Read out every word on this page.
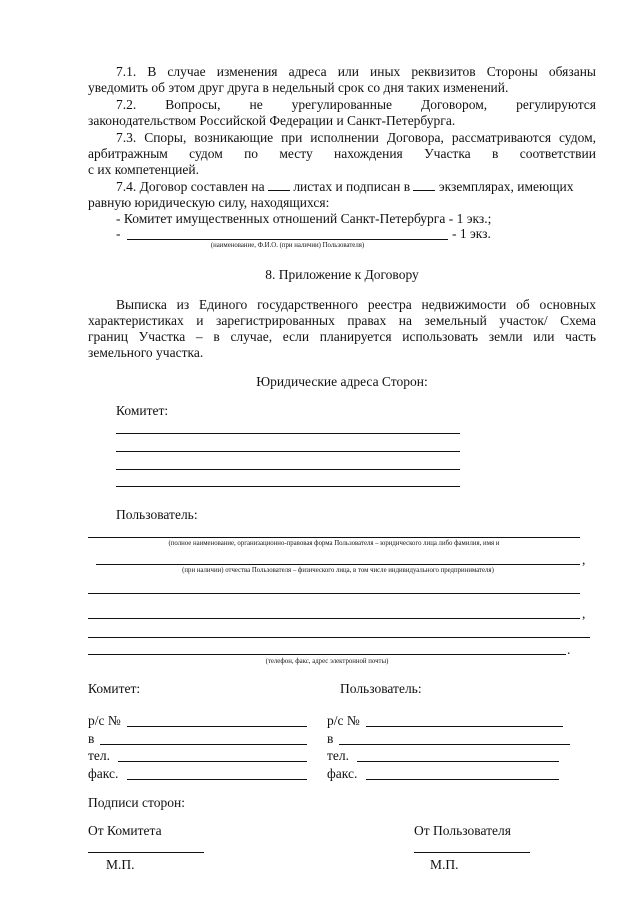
7.1. В случае изменения адреса или иных реквизитов Стороны обязаны

уведомить об этом друг друга в недельный срок со дня таких изменений.

7.2. Вопросы, не урегулированные Договором, регулируются

законодательством Российской Федерации и Санкт-Петербурга.

7.3. Споры, возникающие при исполнении Договора, рассматриваются судом,

арбитражным судом по месту нахождения Участка в соответствии

с их компетенцией.

7.4. Договор составлен на листах и подписан в экземплярах, имеющих

равную юридическую силу, находящихся:

- Комитет имущественных отношений Санкт-Петербурга - 1 экз.;

-	- 1 экз.
(наименование, Ф.И.О. (при наличии) Пользователя)

8. Приложение к Договору

Выписка из Единого государственного реестра недвижимости об основных

характеристиках и зарегистрированных правах на земельный участок/ Схема

границ Участка – в случае, если планируется использовать земли или часть

земельного участка.

Юридические адреса Сторон:

Комитет:
Пользователь:
(полное наименование, организационно-правовая форма Пользователя – юридического лица либо фамилия, имя и
,
(при наличии) отчества Пользователя – физического лица, в том числе индивидуального предпринимателя)
,
.
(телефон, факс, адрес электронной почты)
Комитет:	Пользователь:
р/с №	р/с №
в	в
тел.	тел.
факс.	факс.
Подписи сторон:
От Комитета	От Пользователя
М.П.	М.П.
